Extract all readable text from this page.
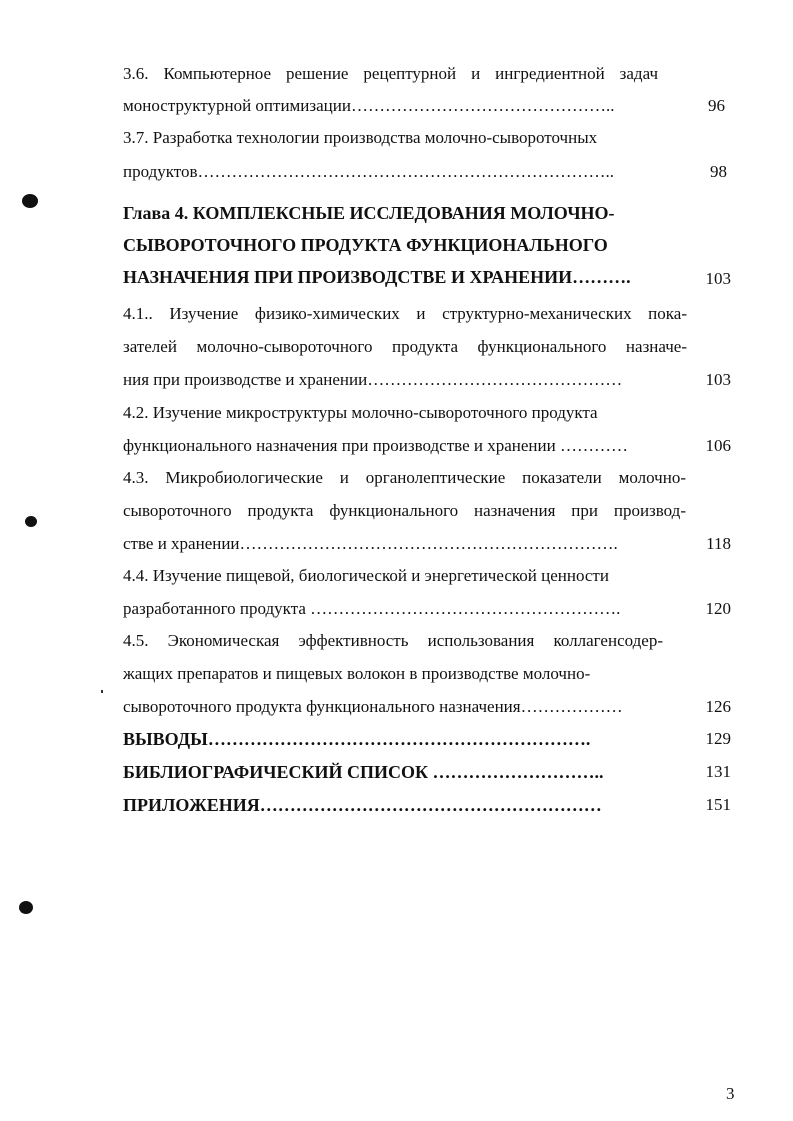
3.6. Компьютерное решение рецептурной и ингредиентной задач
моноструктурной оптимизации………………………………………..	96
3.7. Разработка технологии производства молочно-сывороточных
продуктов………………………………………………………………..	98
Глава 4. КОМПЛЕКСНЫЕ ИССЛЕДОВАНИЯ МОЛОЧНО-
СЫВОРОТОЧНОГО ПРОДУКТА ФУНКЦИОНАЛЬНОГО
НАЗНАЧЕНИЯ ПРИ ПРОИЗВОДСТВЕ И ХРАНЕНИИ……….	103
4.1.. Изучение физико-химических и структурно-механических пока-
зателей молочно-сывороточного продукта функционального назначе-
ния при производстве и хранении………………………………………	103
4.2. Изучение микроструктуры молочно-сывороточного продукта
функционального назначения при производстве и хранении …………	106
4.3. Микробиологические и органолептические показатели молочно-
сывороточного продукта функционального назначения при производ-
стве и хранении………………………………………………………….	118
4.4. Изучение пищевой, биологической и энергетической ценности
разработанного продукта ……………………………………………….	120
4.5. Экономическая эффективность использования коллагенсодер-
жащих препаратов и пищевых волокон в производстве молочно-
сывороточного продукта функционального назначения………………	126
ВЫВОДЫ……………………………………………………….	129
БИБЛИОГРАФИЧЕСКИЙ СПИСОК ………………………..	131
ПРИЛОЖЕНИЯ…………………………………………………	151
3
